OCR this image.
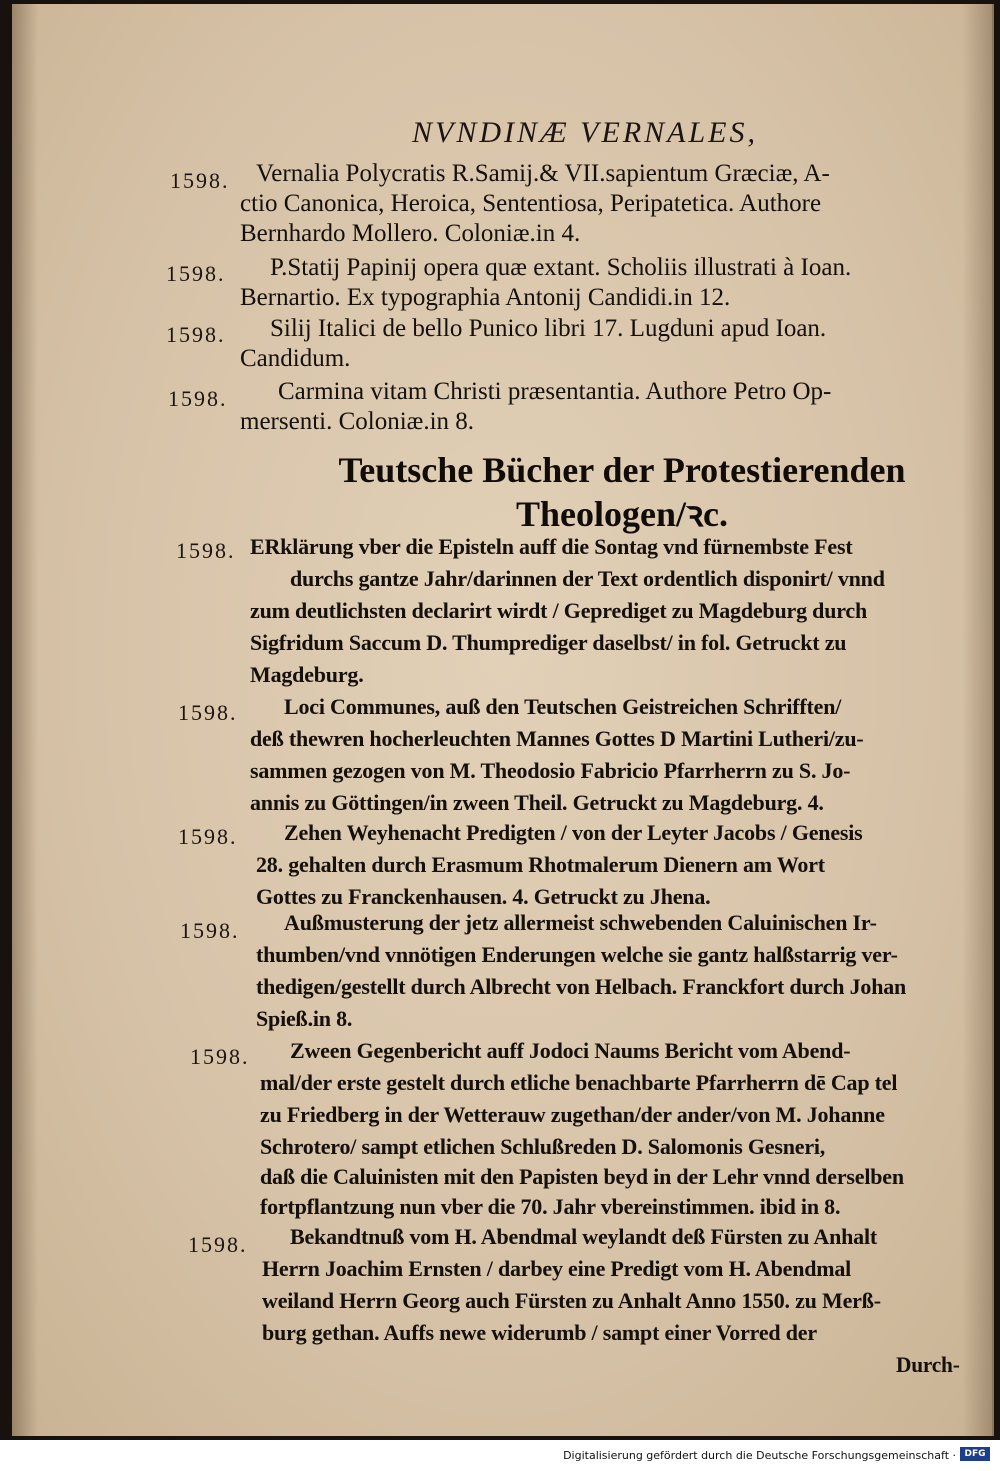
NVNDINÆ VERNALES,
1598. Vernalia Polycratis R.Samij.& VII.sapientum Græciæ, A-
ctio Canonica, Heroica, Sententiosa, Peripatetica. Authore
Bernhardo Mollero. Coloniæ.in 4.
1598. P.Statij Papinij opera quæ extant. Scholiis illustrati à Ioan.
Bernartio. Ex typographia Antonij Candidi.in 12.
1598. Silij Italici de bello Punico libri 17. Lugduni apud Ioan.
Candidum.
1598. Carmina vitam Christi præsentantia. Authore Petro Op-
mersenti. Coloniæ.in 8.
Teutsche Bücher der Protestierenden
Theologen/ꝛc.
1598. ERklärung vber die Episteln auff die Sontag vnd fürnembste Fest
durchs gantze Jahr/darinnen der Text ordentlich disponirt/ vnnd
zum deutlichsten declarirt wirdt / Geprediget zu Magdeburg durch
Sigfridum Saccum D. Thumprediger daselbst/ in fol. Getruckt zu
Magdeburg.
1598. Loci Communes, auß den Teutschen Geistreichen Schrifften/
deß thewren hocherleuchten Mannes Gottes D Martini Lutheri/zu-
sammen gezogen von M. Theodosio Fabricio Pfarrherrn zu S. Jo-
annis zu Göttingen/in zween Theil. Getruckt zu Magdeburg. 4.
1598. Zehen Weyhenacht Predigten / von der Leyter Jacobs / Genesis
28. gehalten durch Erasmum Rhotmalerum Dienern am Wort
Gottes zu Franckenhausen. 4. Getruckt zu Jhena.
1598. Außmusterung der jetz allermeist schwebenden Caluinischen Ir-
thumben/vnd vnnötigen Enderungen welche sie gantz halßstarrig ver-
thedigen/gestellt durch Albrecht von Helbach. Franckfort durch Johan
Spieß.in 8.
1598. Zween Gegenbericht auff Jodoci Naums Bericht vom Abend-
mal/der erste gestelt durch etliche benachbarte Pfarrherrn dē Cap tel
zu Friedberg in der Wetterauw zugethan/der ander/von M. Johanne
Schrotero/ sampt etlichen Schlußreden D. Salomonis Gesneri,
daß die Caluinisten mit den Papisten beyd in der Lehr vnnd derselben
fortpflantzung nun vber die 70. Jahr vbereinstimmen. ibid in 8.
1598. Bekandtnuß vom H. Abendmal weylandt deß Fürsten zu Anhalt
Herrn Joachim Ernsten / darbey eine Predigt vom H. Abendmal
weiland Herrn Georg auch Fürsten zu Anhalt Anno 1550. zu Merß-
burg gethan. Auffs newe widerumb / sampt einer Vorred der
Durch-
Digitalisierung gefördert durch die Deutsche Forschungsgemeinschaft · DFG
